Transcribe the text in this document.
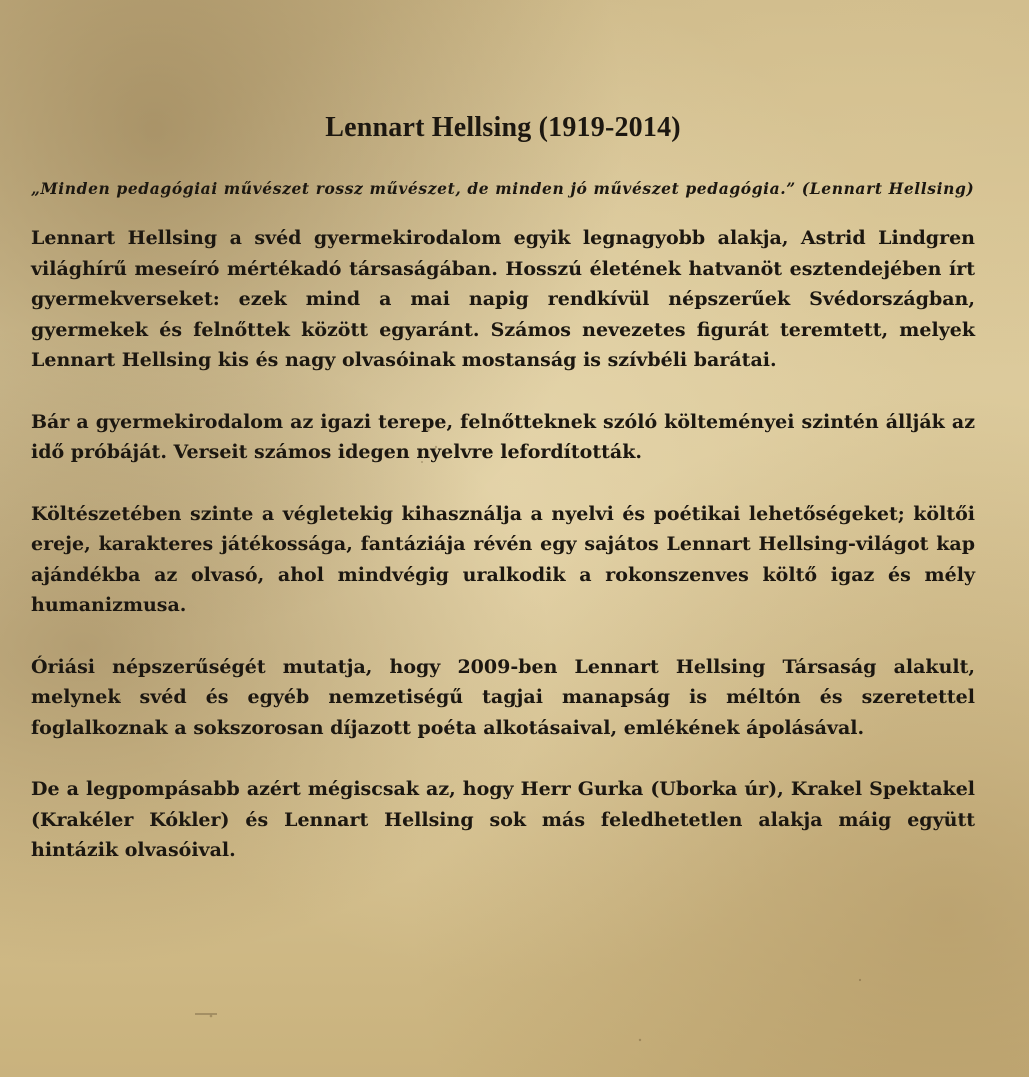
Lennart Hellsing (1919-2014)

„Minden pedagógiai művészet rossz művészet, de minden jó művészet pedagógia.” (Lennart Hellsing)

Lennart Hellsing a svéd gyermekirodalom egyik legnagyobb alakja, Astrid Lindgren világhírű meseíró mértékadó társaságában. Hosszú életének hatvanöt esztendejében írt gyermekverseket: ezek mind a mai napig rendkívül népszerűek Svédországban, gyermekek és felnőttek között egyaránt. Számos nevezetes figurát teremtett, melyek Lennart Hellsing kis és nagy olvasóinak mostanság is szívbéli barátai.

Bár a gyermekirodalom az igazi terepe, felnőtteknek szóló költeményei szintén állják az idő próbáját. Verseit számos idegen nyelvre lefordították.

Költészetében szinte a végletekig kihasználja a nyelvi és poétikai lehetőségeket; költői ereje, karakteres játékossága, fantáziája révén egy sajátos Lennart Hellsing-világot kap ajándékba az olvasó, ahol mindvégig uralkodik a rokonszenves költő igaz és mély humanizmusa.

Óriási népszerűségét mutatja, hogy 2009-ben Lennart Hellsing Társaság alakult, melynek svéd és egyéb nemzetiségű tagjai manapság is méltón és szeretettel foglalkoznak a sokszorosan díjazott poéta alkotásaival, emlékének ápolásával.

De a legpompásabb azért mégiscsak az, hogy Herr Gurka (Uborka úr), Krakel Spektakel (Krakéler Kókler) és Lennart Hellsing sok más feledhetetlen alakja máig együtt hintázik olvasóival.
